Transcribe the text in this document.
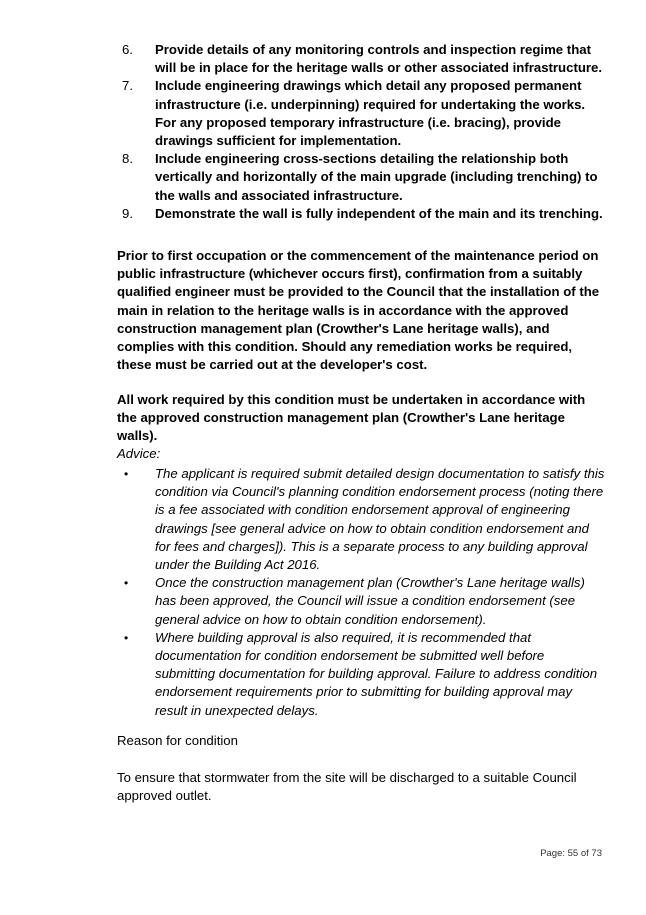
6. Provide details of any monitoring controls and inspection regime that will be in place for the heritage walls or other associated infrastructure.
7. Include engineering drawings which detail any proposed permanent infrastructure (i.e. underpinning) required for undertaking the works. For any proposed temporary infrastructure (i.e. bracing), provide drawings sufficient for implementation.
8. Include engineering cross-sections detailing the relationship both vertically and horizontally of the main upgrade (including trenching) to the walls and associated infrastructure.
9. Demonstrate the wall is fully independent of the main and its trenching.

Prior to first occupation or the commencement of the maintenance period on public infrastructure (whichever occurs first), confirmation from a suitably qualified engineer must be provided to the Council that the installation of the main in relation to the heritage walls is in accordance with the approved construction management plan (Crowther's Lane heritage walls), and complies with this condition. Should any remediation works be required, these must be carried out at the developer's cost.

All work required by this condition must be undertaken in accordance with the approved construction management plan (Crowther's Lane heritage walls).

Advice:

• The applicant is required submit detailed design documentation to satisfy this condition via Council's planning condition endorsement process (noting there is a fee associated with condition endorsement approval of engineering drawings [see general advice on how to obtain condition endorsement and for fees and charges]). This is a separate process to any building approval under the Building Act 2016.
• Once the construction management plan (Crowther's Lane heritage walls) has been approved, the Council will issue a condition endorsement (see general advice on how to obtain condition endorsement).
• Where building approval is also required, it is recommended that documentation for condition endorsement be submitted well before submitting documentation for building approval. Failure to address condition endorsement requirements prior to submitting for building approval may result in unexpected delays.

Reason for condition

To ensure that stormwater from the site will be discharged to a suitable Council approved outlet.

Page: 55 of 73
